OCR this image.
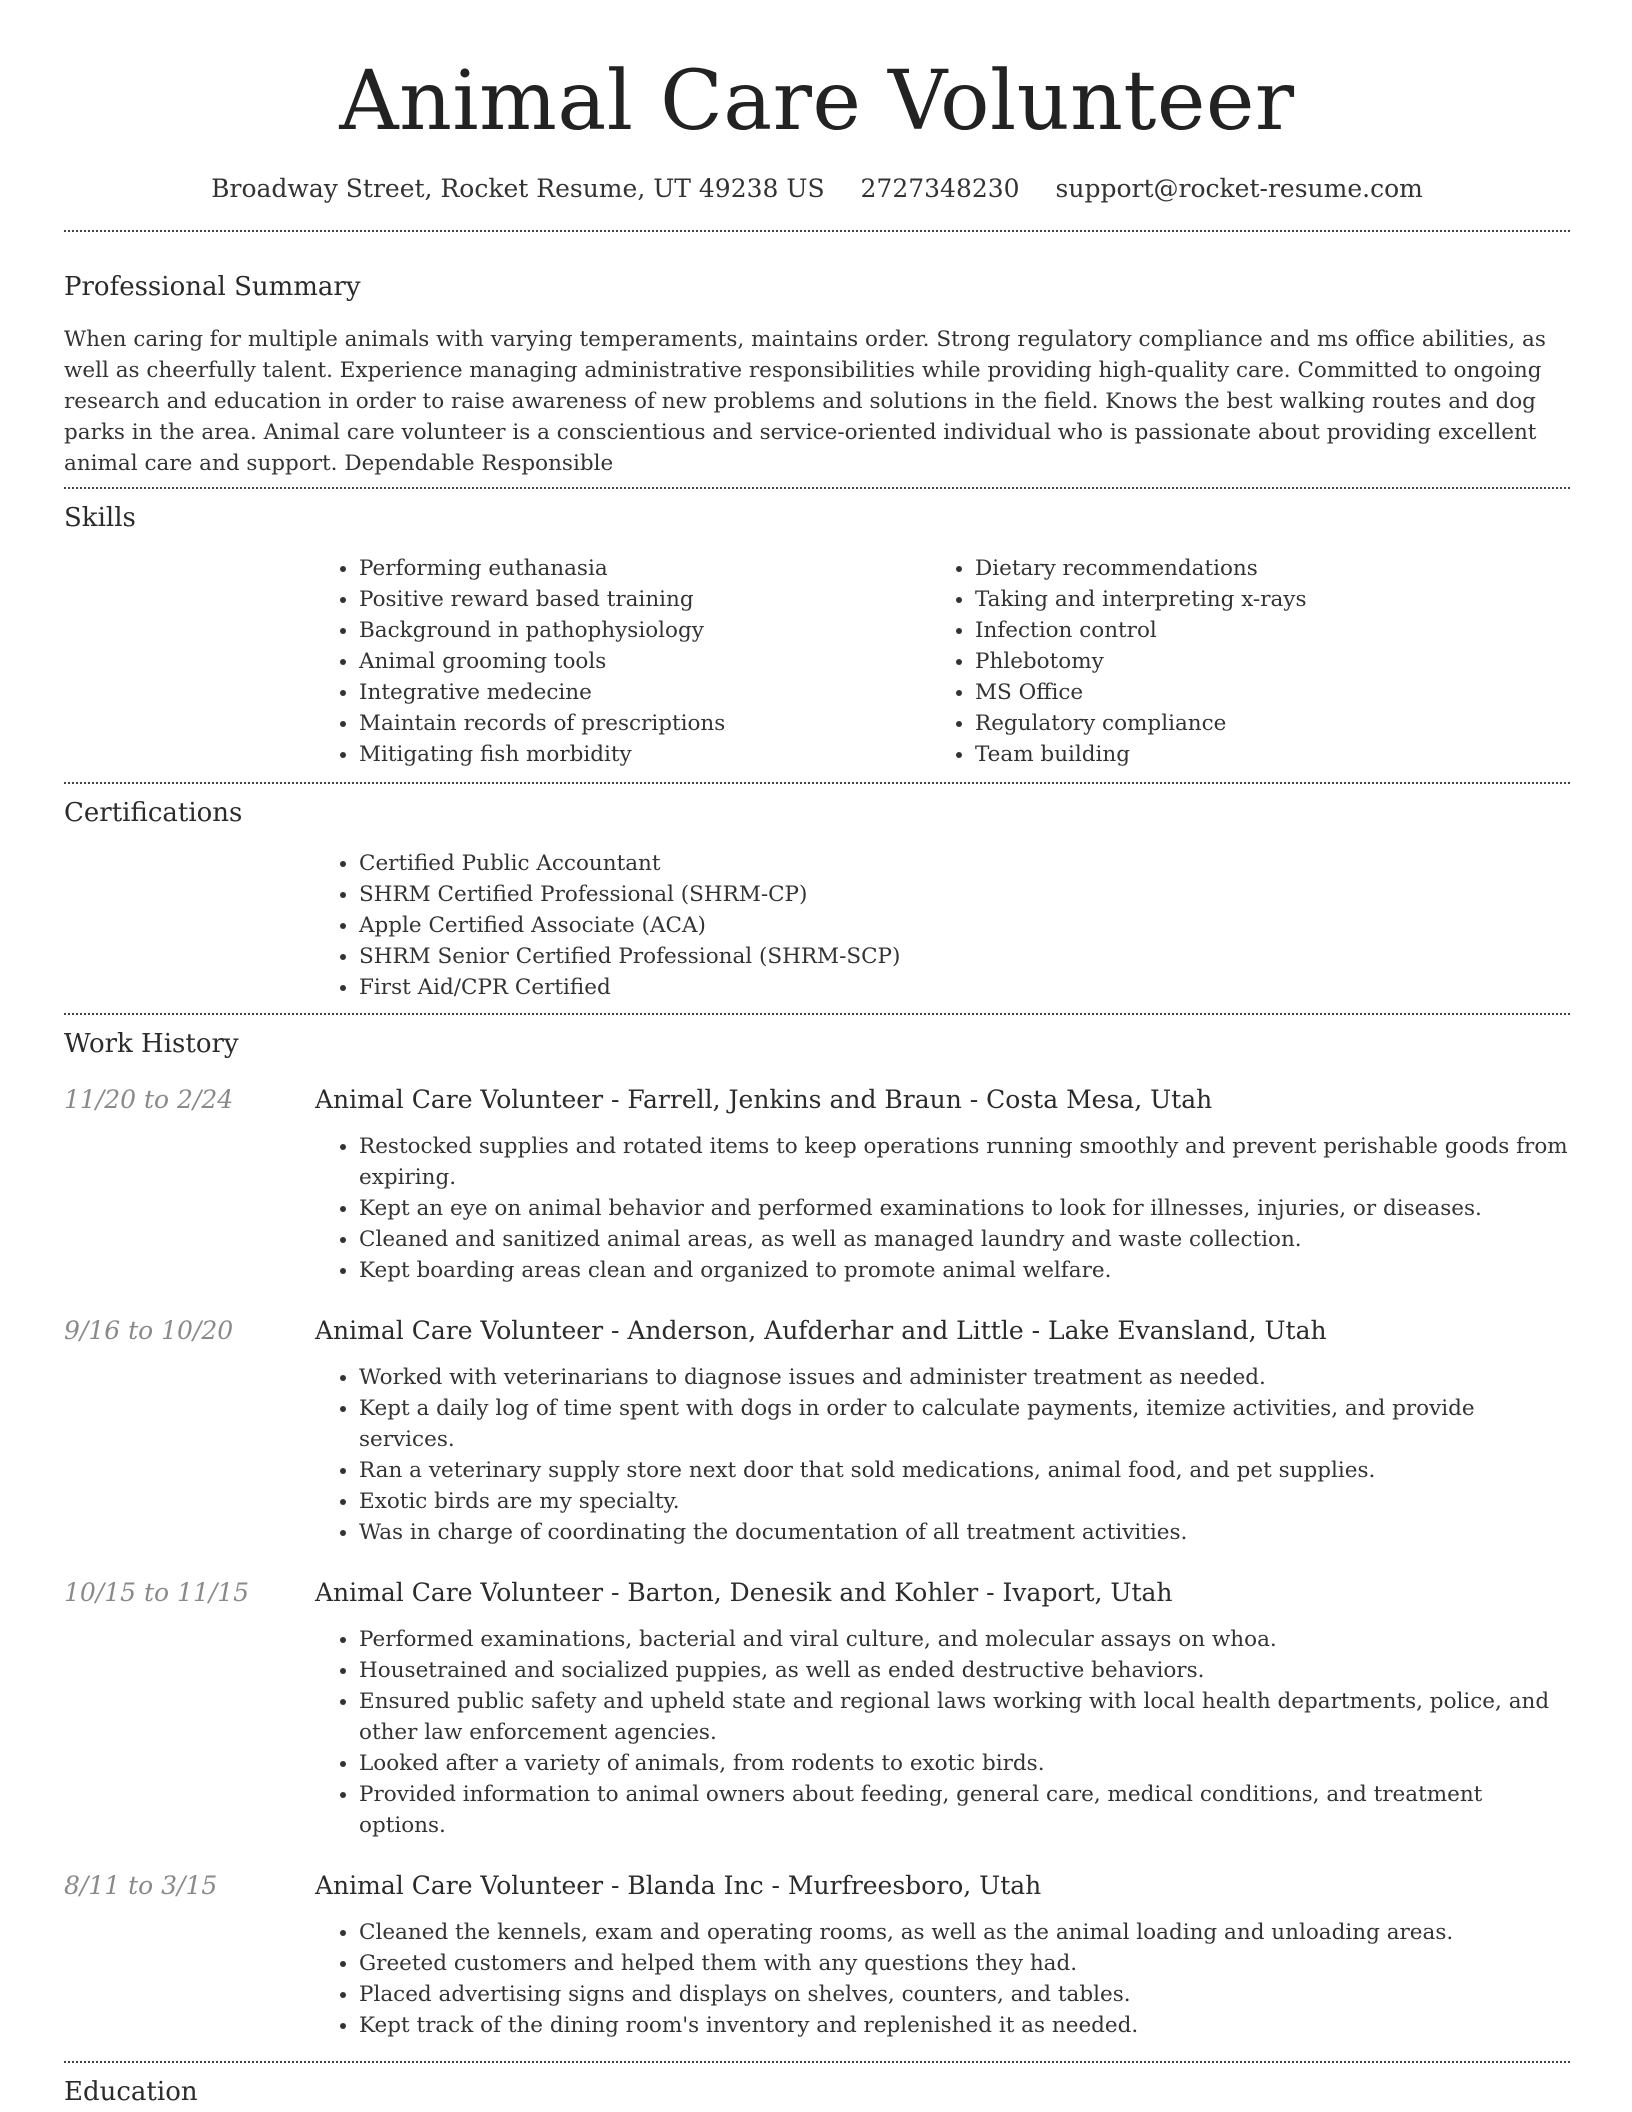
Animal Care Volunteer
Broadway Street, Rocket Resume, UT 49238 US 2727348230 support@rocket-resume.com
Professional Summary

When caring for multiple animals with varying temperaments, maintains order. Strong regulatory compliance and ms office abilities, as well as cheerfully talent. Experience managing administrative responsibilities while providing high-quality care. Committed to ongoing research and education in order to raise awareness of new problems and solutions in the field. Knows the best walking routes and dog parks in the area. Animal care volunteer is a conscientious and service-oriented individual who is passionate about providing excellent animal care and support. Dependable Responsible

Skills
• Performing euthanasia
• Positive reward based training
• Background in pathophysiology
• Animal grooming tools
• Integrative medecine
• Maintain records of prescriptions
• Mitigating fish morbidity
• Dietary recommendations
• Taking and interpreting x-rays
• Infection control
• Phlebotomy
• MS Office
• Regulatory compliance
• Team building
Certifications
• Certified Public Accountant
• SHRM Certified Professional (SHRM-CP)
• Apple Certified Associate (ACA)
• SHRM Senior Certified Professional (SHRM-SCP)
• First Aid/CPR Certified
Work History
11/20 to 2/24	Animal Care Volunteer - Farrell, Jenkins and Braun - Costa Mesa, Utah
• Restocked supplies and rotated items to keep operations running smoothly and prevent perishable goods from expiring.
• Kept an eye on animal behavior and performed examinations to look for illnesses, injuries, or diseases.
• Cleaned and sanitized animal areas, as well as managed laundry and waste collection.
• Kept boarding areas clean and organized to promote animal welfare.
9/16 to 10/20	Animal Care Volunteer - Anderson, Aufderhar and Little - Lake Evansland, Utah
• Worked with veterinarians to diagnose issues and administer treatment as needed.
• Kept a daily log of time spent with dogs in order to calculate payments, itemize activities, and provide services.
• Ran a veterinary supply store next door that sold medications, animal food, and pet supplies.
• Exotic birds are my specialty.
• Was in charge of coordinating the documentation of all treatment activities.
10/15 to 11/15	Animal Care Volunteer - Barton, Denesik and Kohler - Ivaport, Utah
• Performed examinations, bacterial and viral culture, and molecular assays on whoa.
• Housetrained and socialized puppies, as well as ended destructive behaviors.
• Ensured public safety and upheld state and regional laws working with local health departments, police, and other law enforcement agencies.
• Looked after a variety of animals, from rodents to exotic birds.
• Provided information to animal owners about feeding, general care, medical conditions, and treatment options.
8/11 to 3/15	Animal Care Volunteer - Blanda Inc - Murfreesboro, Utah
• Cleaned the kennels, exam and operating rooms, as well as the animal loading and unloading areas.
• Greeted customers and helped them with any questions they had.
• Placed advertising signs and displays on shelves, counters, and tables.
• Kept track of the dining room's inventory and replenished it as needed.
Education
